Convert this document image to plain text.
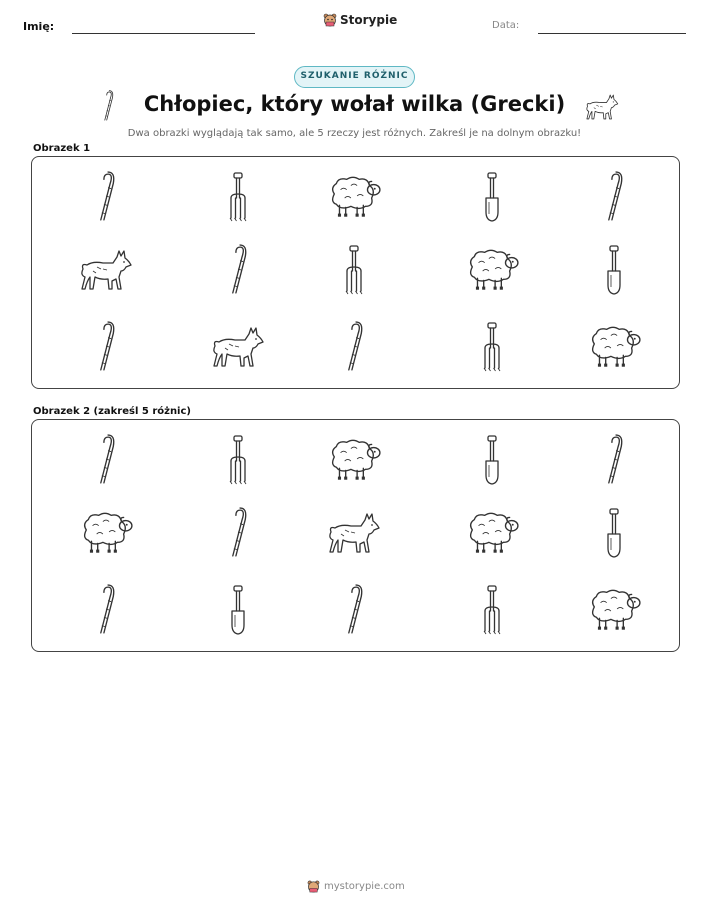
Imię:	Storypie	Data:
SZUKANIE RÓŻNIC
Chłopiec, który wołał wilka (Grecki)
Dwa obrazki wyglądają tak samo, ale 5 rzeczy jest różnych. Zakreśl je na dolnym obrazku!
Obrazek 1
Obrazek 2 (zakreśl 5 różnic)
mystorypie.com
